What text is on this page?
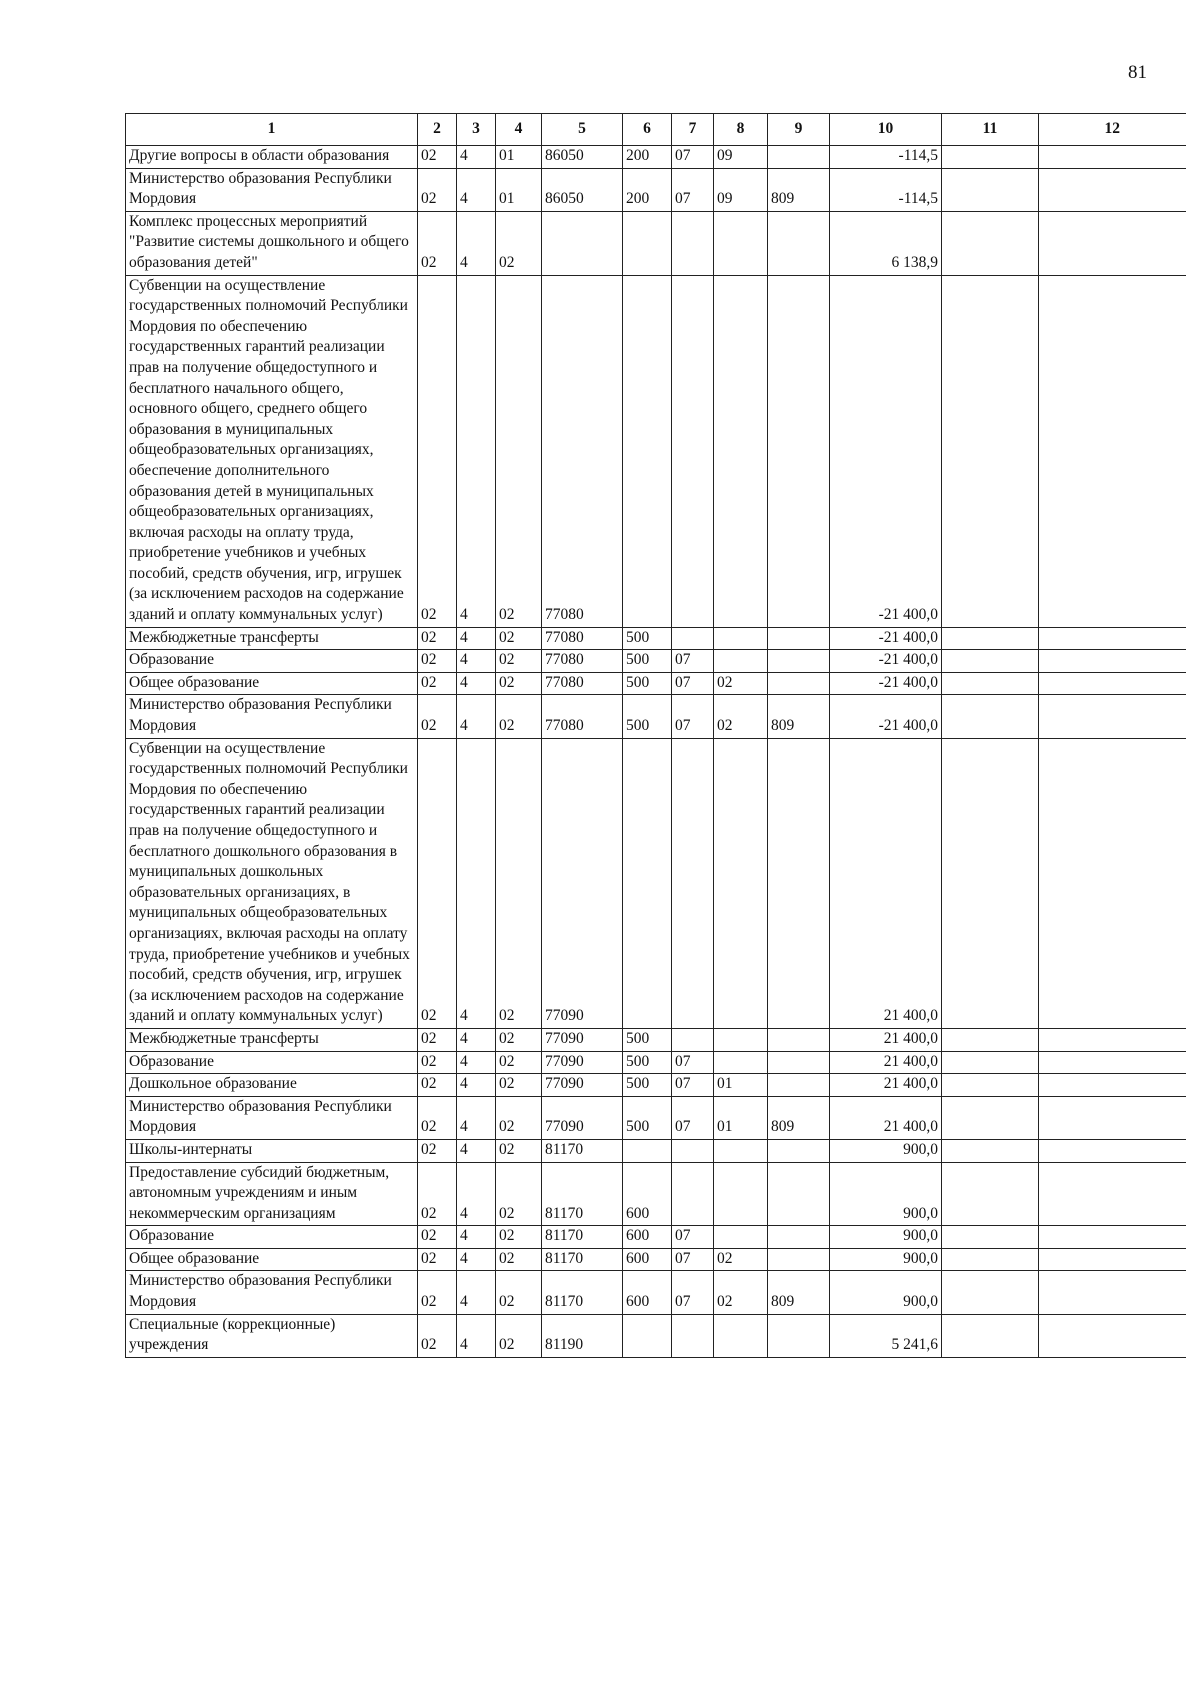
81
1	2	3	4	5	6	7	8	9	10	11	12
Другие вопросы в области образования	02	4	01	86050	200	07	09		-114,5		
Министерство образования Республики Мордовия	02	4	01	86050	200	07	09	809	-114,5		
Комплекс процессных мероприятий "Развитие системы дошкольного и общего образования детей"	02	4	02						6 138,9		
Субвенции на осуществление государственных полномочий Республики Мордовия по обеспечению государственных гарантий реализации прав на получение общедоступного и бесплатного начального общего, основного общего, среднего общего образования в муниципальных общеобразовательных организациях, обеспечение дополнительного образования детей в муниципальных общеобразовательных организациях, включая расходы на оплату труда, приобретение учебников и учебных пособий, средств обучения, игр, игрушек (за исключением расходов на содержание зданий и оплату коммунальных услуг)	02	4	02	77080					-21 400,0		
Межбюджетные трансферты	02	4	02	77080	500				-21 400,0		
Образование	02	4	02	77080	500	07			-21 400,0		
Общее образование	02	4	02	77080	500	07	02		-21 400,0		
Министерство образования Республики Мордовия	02	4	02	77080	500	07	02	809	-21 400,0		
Субвенции на осуществление государственных полномочий Республики Мордовия по обеспечению государственных гарантий реализации прав на получение общедоступного и бесплатного дошкольного образования в муниципальных дошкольных образовательных организациях, в муниципальных общеобразовательных организациях, включая расходы на оплату труда, приобретение учебников и учебных пособий, средств обучения, игр, игрушек (за исключением расходов на содержание зданий и оплату коммунальных услуг)	02	4	02	77090					21 400,0		
Межбюджетные трансферты	02	4	02	77090	500				21 400,0		
Образование	02	4	02	77090	500	07			21 400,0		
Дошкольное образование	02	4	02	77090	500	07	01		21 400,0		
Министерство образования Республики Мордовия	02	4	02	77090	500	07	01	809	21 400,0		
Школы-интернаты	02	4	02	81170					900,0		
Предоставление субсидий бюджетным, автономным учреждениям и иным некоммерческим организациям	02	4	02	81170	600				900,0		
Образование	02	4	02	81170	600	07			900,0		
Общее образование	02	4	02	81170	600	07	02		900,0		
Министерство образования Республики Мордовия	02	4	02	81170	600	07	02	809	900,0		
Специальные (коррекционные) учреждения	02	4	02	81190					5 241,6		
